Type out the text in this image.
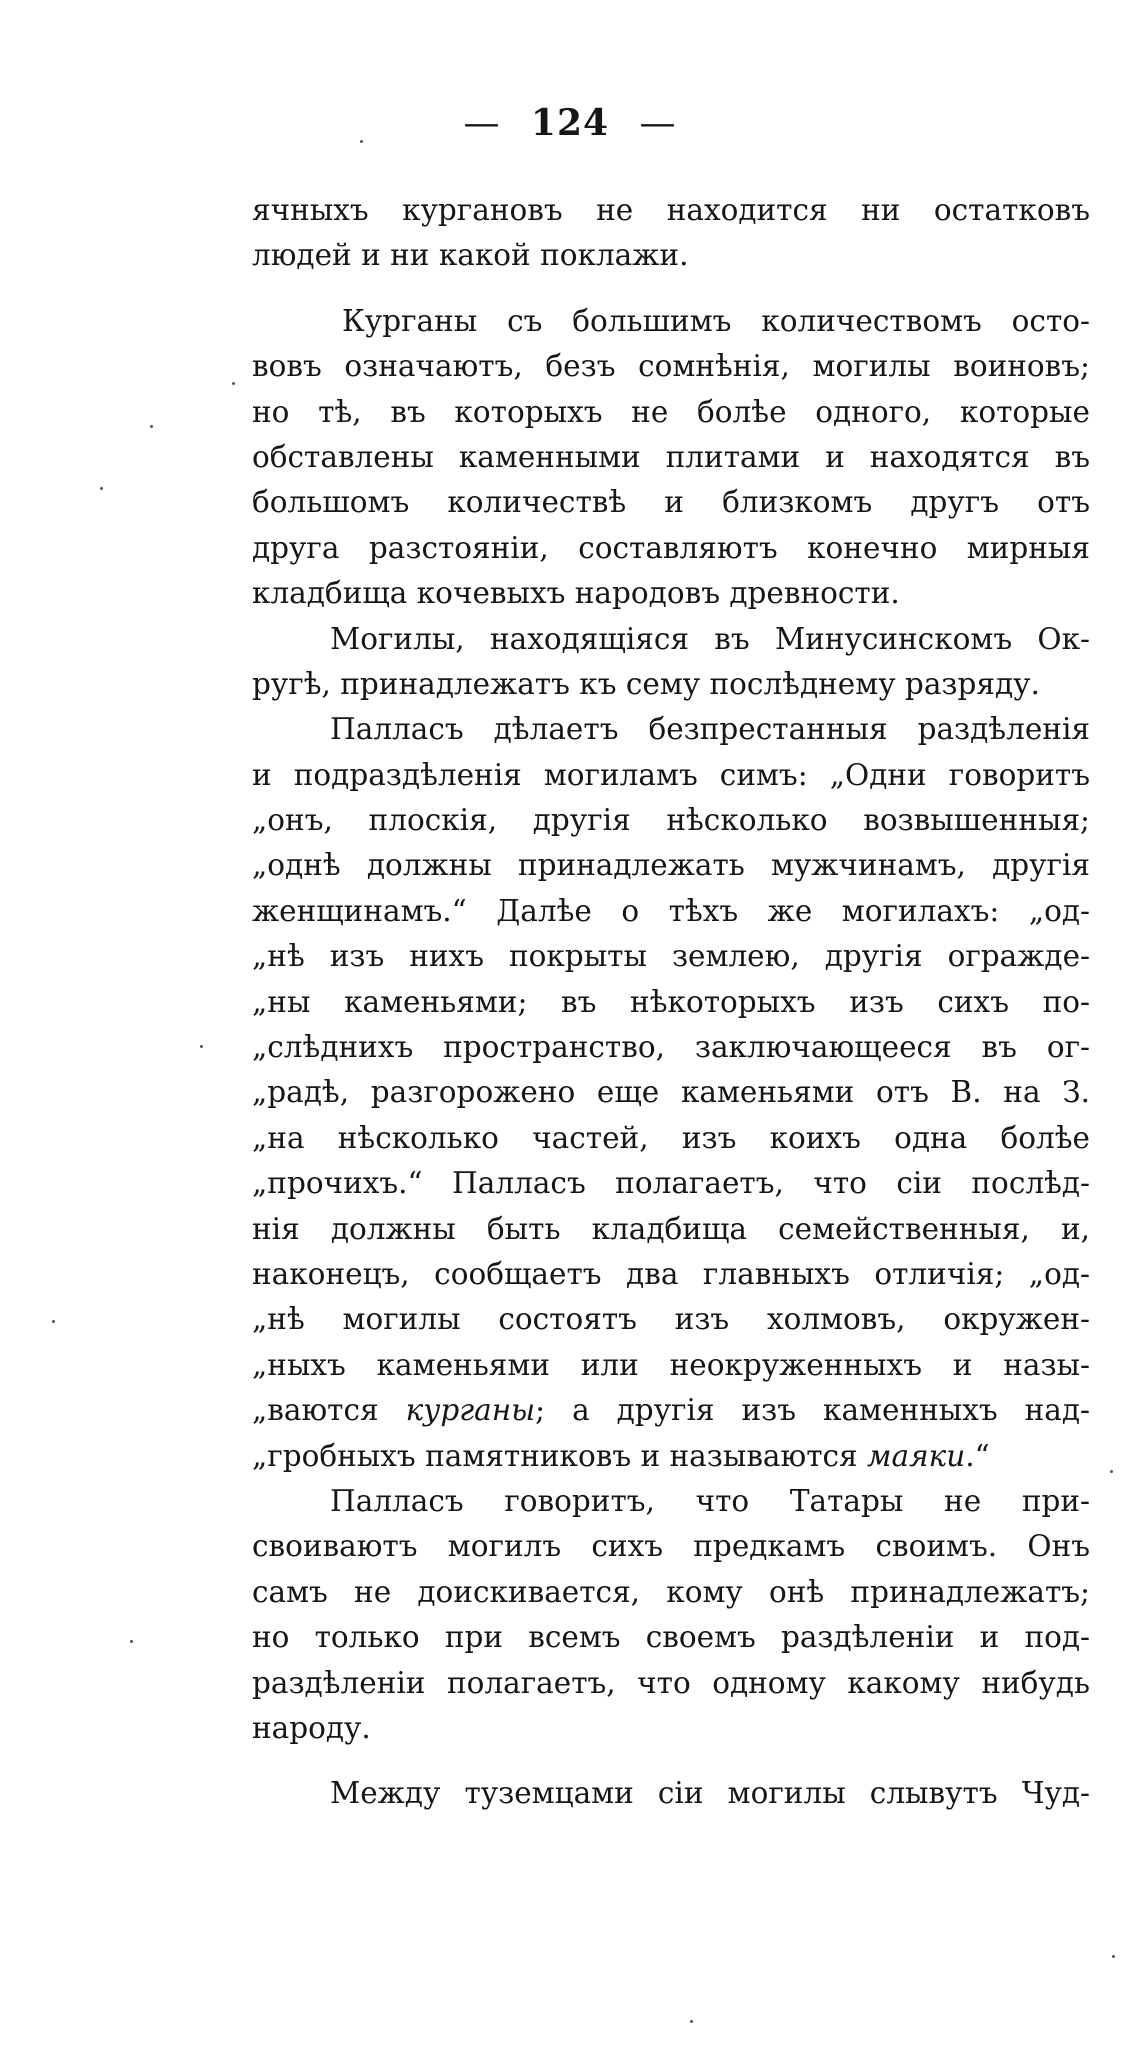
— 124 —
ячныхъ кургановъ не находится ни остатковъ
людей и ни какой поклажи.
Курганы съ большимъ количествомъ остo-
вовъ означаютъ, безъ сомнѣнія, могилы воиновъ;
но тѣ, въ которыхъ не болѣе одного, которые
обставлены каменными плитами и находятся въ
большомъ количествѣ и близкомъ другъ отъ
друга разстояніи, составляютъ конечно мирныя
кладбища кочевыхъ народовъ древности.
Могилы, находящіяся въ Минусинскомъ Ок-
ругѣ, принадлежатъ къ сему послѣднему разряду.
Палласъ дѣлаетъ безпрестанныя раздѣленія
и подраздѣленія могиламъ симъ: „Одни говоритъ
„онъ, плоскія, другія нѣсколько возвышенныя;
„однѣ должны принадлежать мужчинамъ, другія
женщинамъ.“ Далѣе о тѣхъ же могилахъ: „од-
„нѣ изъ нихъ покрыты землею, другія огражде-
„ны каменьями; въ нѣкоторыхъ изъ сихъ по-
„слѣднихъ пространство, заключающееся въ ог-
„радѣ, разгорожено еще каменьями отъ В. на З.
„на нѣсколько частей, изъ коихъ одна болѣе
„прочихъ.“ Палласъ полагаетъ, что сіи послѣд-
нія должны быть кладбища семейственныя, и,
наконецъ, сообщаетъ два главныхъ отличія; „од-
„нѣ могилы состоятъ изъ холмовъ, окружен-
„ныхъ каменьями или неокруженныхъ и назы-
„ваются курганы; а другія изъ каменныхъ над-
„гробныхъ памятниковъ и называются маяки.“
Палласъ говоритъ, что Татары не при-
своиваютъ могилъ сихъ предкамъ своимъ. Онъ
самъ не доискивается, кому онѣ принадлежатъ;
но только при всемъ своемъ раздѣленіи и под-
раздѣленіи полагаетъ, что одному какому нибудь
народу.
Между туземцами сіи могилы слывутъ Чуд-
